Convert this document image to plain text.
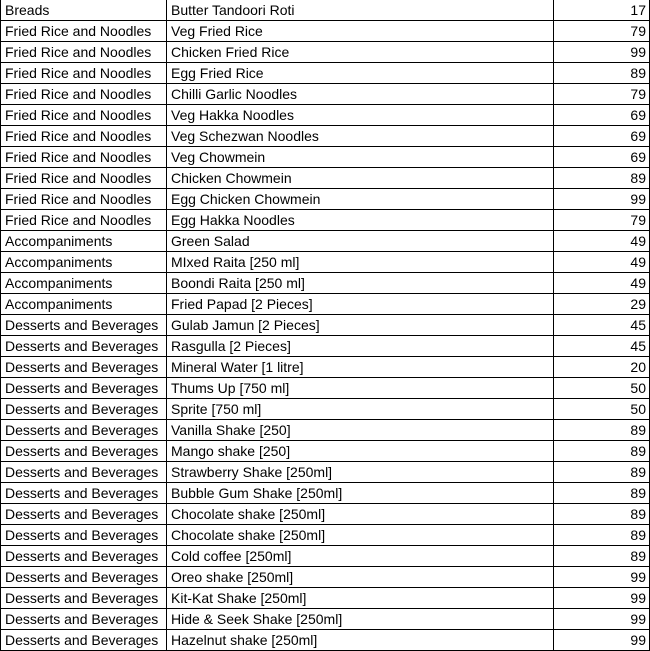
Breads	Butter Tandoori Roti	17
Fried Rice and Noodles	Veg Fried Rice	79
Fried Rice and Noodles	Chicken Fried Rice	99
Fried Rice and Noodles	Egg Fried Rice	89
Fried Rice and Noodles	Chilli Garlic Noodles	79
Fried Rice and Noodles	Veg Hakka Noodles	69
Fried Rice and Noodles	Veg Schezwan Noodles	69
Fried Rice and Noodles	Veg Chowmein	69
Fried Rice and Noodles	Chicken Chowmein	89
Fried Rice and Noodles	Egg Chicken Chowmein	99
Fried Rice and Noodles	Egg Hakka Noodles	79
Accompaniments	Green Salad	49
Accompaniments	MIxed Raita [250 ml]	49
Accompaniments	Boondi Raita [250 ml]	49
Accompaniments	Fried Papad [2 Pieces]	29
Desserts and Beverages	Gulab Jamun [2 Pieces]	45
Desserts and Beverages	Rasgulla [2 Pieces]	45
Desserts and Beverages	Mineral Water [1 litre]	20
Desserts and Beverages	Thums Up [750 ml]	50
Desserts and Beverages	Sprite [750 ml]	50
Desserts and Beverages	Vanilla Shake [250]	89
Desserts and Beverages	Mango shake [250]	89
Desserts and Beverages	Strawberry Shake [250ml]	89
Desserts and Beverages	Bubble Gum Shake [250ml]	89
Desserts and Beverages	Chocolate shake [250ml]	89
Desserts and Beverages	Chocolate shake [250ml]	89
Desserts and Beverages	Cold coffee [250ml]	89
Desserts and Beverages	Oreo shake [250ml]	99
Desserts and Beverages	Kit-Kat Shake [250ml]	99
Desserts and Beverages	Hide & Seek Shake [250ml]	99
Desserts and Beverages	Hazelnut shake [250ml]	99
